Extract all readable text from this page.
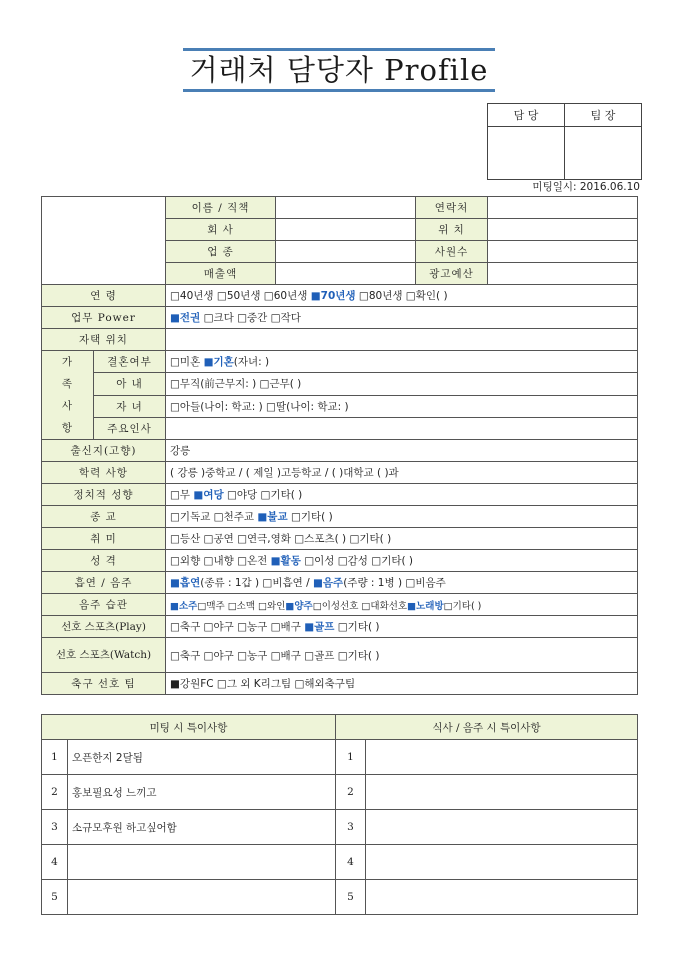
거래처 담당자 Profile
담 당	팀 장

미팅일시: 2016.06.10
		이름 / 직책		연락처	
		회 사		위 치	
		업 종		사원수	
		매출액		광고예산	
연 령		□40년생 □50년생 □60년생 ■70년생 □80년생 □확인( )			
업무 Power		■전권 □크다 □중간 □작다			
자택 위치					
가족사항	결혼여부	□미혼 ■기혼(자녀: )			
	아 내	□무직(前근무지: ) □근무( )			
	자 녀	□아들(나이: 학교: ) □딸(나이: 학교: )			
	주요인사				
출신지(고향)		강릉			
학력 사항		( 강릉 )중학교 / ( 제일 )고등학교 / ( )대학교 ( )과			
정치적 성향		□무 ■여당 □야당 □기타( )			
종 교		□기독교 □천주교 ■불교 □기타( )			
취 미		□등산 □공연 □연극,영화 □스포츠( ) □기타( )			
성 격		□외향 □내향 □온전 ■활동 □이성 □감성 □기타( )			
흡연 / 음주		■흡연(종류 : 1갑 ) □비흡연 / ■음주(주량 : 1병 ) □비음주			
음주 습관		■소주□맥주 □소맥 □와인■양주□이성선호 □대화선호■노래방□기타( )			
선호 스포츠(Play)		□축구 □야구 □농구 □배구 ■골프 □기타( )			
선호 스포츠(Watch)		□축구 □야구 □농구 □배구 □골프 □기타( )			
축구 선호 팀		■강원FC □그 외 K리그팀 □해외축구팀			
미팅 시 특이사항		식사 / 음주 시 특이사항	
1	오픈한지 2달됨	1	
2	홍보필요성 느끼고	2	
3	소규모후원 하고싶어함	3	
4		4	
5		5	
